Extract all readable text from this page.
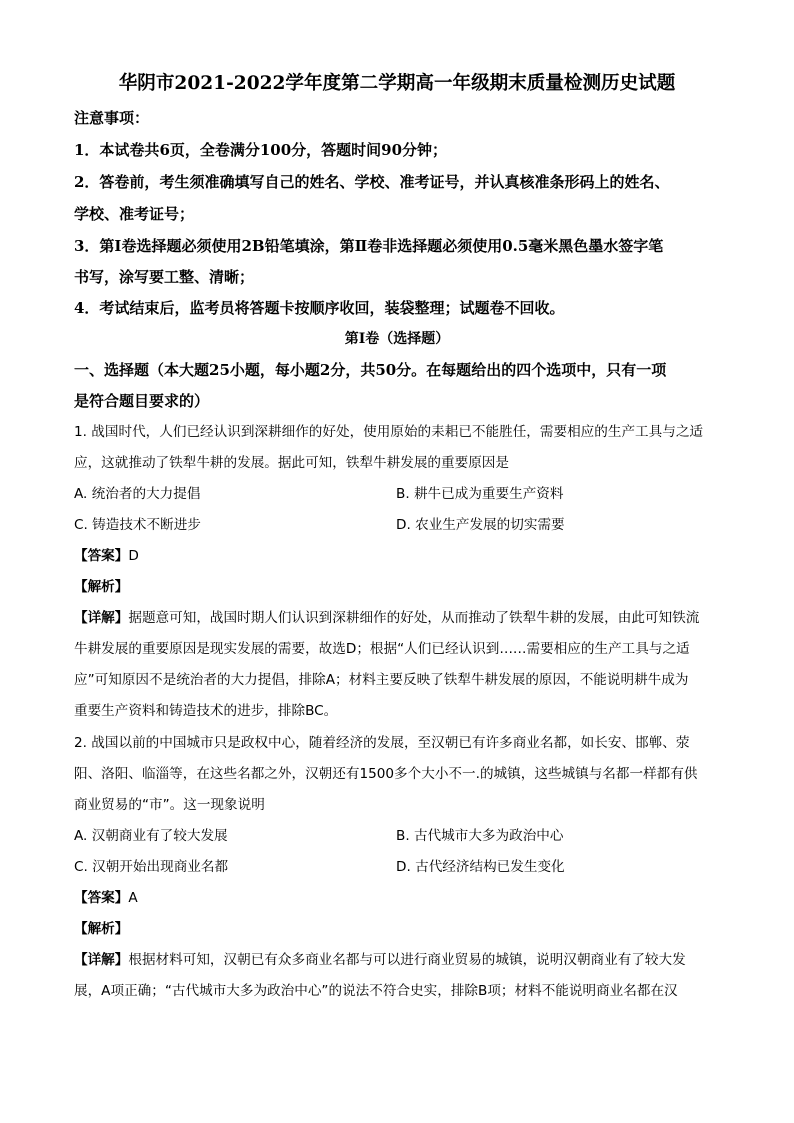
华阴市2021-2022学年度第二学期高一年级期末质量检测历史试题
注意事项：
1．本试卷共6页，全卷满分100分，答题时间90分钟；
2．答卷前，考生须准确填写自己的姓名、学校、准考证号，并认真核准条形码上的姓名、
学校、准考证号；
3．第Ⅰ卷选择题必须使用2B铅笔填涂，第Ⅱ卷非选择题必须使用0.5毫米黑色墨水签字笔
书写，涂写要工整、清晰；
4．考试结束后，监考员将答题卡按顺序收回，装袋整理；试题卷不回收。
第Ⅰ卷（选择题）
一、选择题（本大题25小题，每小题2分，共50分。在每题给出的四个选项中，只有一项
是符合题目要求的）
1. 战国时代，人们已经认识到深耕细作的好处，使用原始的耒耜已不能胜任，需要相应的生产工具与之适
应，这就推动了铁犁牛耕的发展。据此可知，铁犁牛耕发展的重要原因是
A. 统治者的大力提倡	B. 耕牛已成为重要生产资料
C. 铸造技术不断进步	D. 农业生产发展的切实需要
【答案】D
【解析】
【详解】据题意可知，战国时期人们认识到深耕细作的好处，从而推动了铁犁牛耕的发展，由此可知铁流
牛耕发展的重要原因是现实发展的需要，故选D；根据“人们已经认识到……需要相应的生产工具与之适
应”可知原因不是统治者的大力提倡，排除A；材料主要反映了铁犁牛耕发展的原因，不能说明耕牛成为
重要生产资料和铸造技术的进步，排除BC。
2. 战国以前的中国城市只是政权中心，随着经济的发展，至汉朝已有许多商业名都，如长安、邯郸、荥
阳、洛阳、临淄等，在这些名都之外，汉朝还有1500多个大小不一.的城镇，这些城镇与名都一样都有供
商业贸易的“市”。这一现象说明
A. 汉朝商业有了较大发展	B. 古代城市大多为政治中心
C. 汉朝开始出现商业名都	D. 古代经济结构已发生变化
【答案】A
【解析】
【详解】根据材料可知，汉朝已有众多商业名都与可以进行商业贸易的城镇，说明汉朝商业有了较大发
展，A项正确；“古代城市大多为政治中心”的说法不符合史实，排除B项；材料不能说明商业名都在汉
